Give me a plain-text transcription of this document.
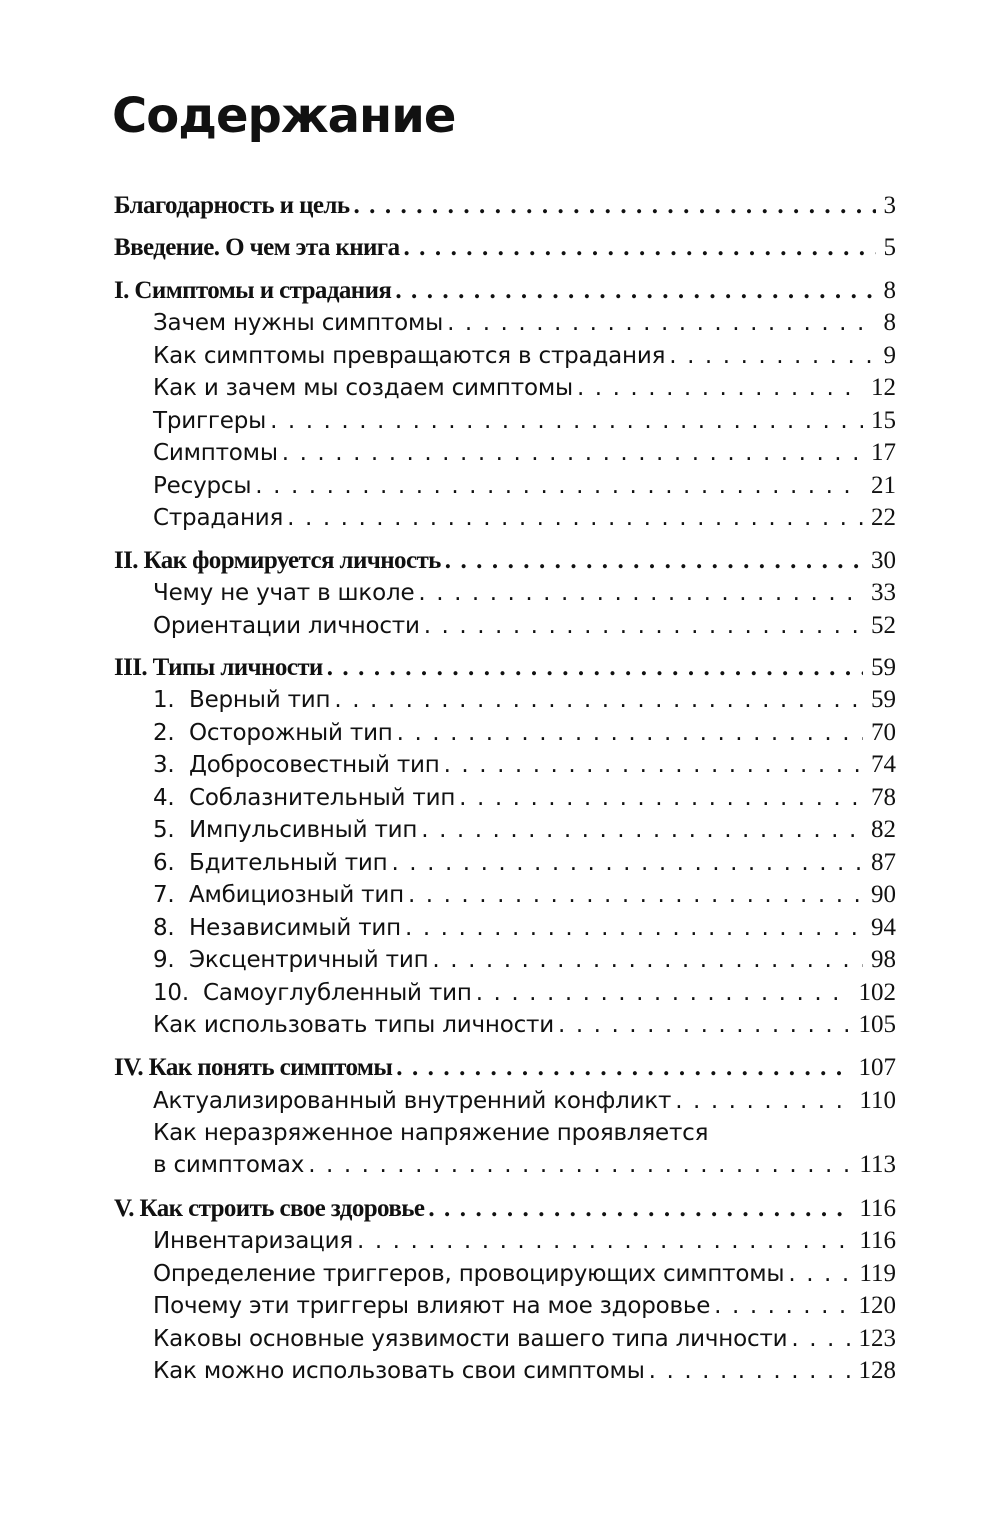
Содержание
Благодарность и цель . . .	3
Введение. О чем эта книга . . .	5
I. Симптомы и страдания . . .	8
Зачем нужны симптомы . . .	8
Как симптомы превращаются в страдания . . .	9
Как и зачем мы создаем симптомы . . .	12
Триггеры . . .	15
Симптомы . . .	17
Ресурсы . . .	21
Страдания . . .	22
II. Как формируется личность . . .	30
Чему не учат в школе . . .	33
Ориентации личности . . .	52
III. Типы личности . . .	59
1. Верный тип . . .	59
2. Осторожный тип . . .	70
3. Добросовестный тип . . .	74
4. Соблазнительный тип . . .	78
5. Импульсивный тип . . .	82
6. Бдительный тип . . .	87
7. Амбициозный тип . . .	90
8. Независимый тип . . .	94
9. Эксцентричный тип . . .	98
10. Самоуглубленный тип . . .	102
Как использовать типы личности . . .	105
IV. Как понять симптомы . . .	107
Актуализированный внутренний конфликт . . .	110
Как неразряженное напряжение проявляется
в симптомах . . .	113
V. Как строить свое здоровье . . .	116
Инвентаризация . . .	116
Определение триггеров, провоцирующих симптомы . . .	119
Почему эти триггеры влияют на мое здоровье . . .	120
Каковы основные уязвимости вашего типа личности . . .	123
Как можно использовать свои симптомы . . .	128
